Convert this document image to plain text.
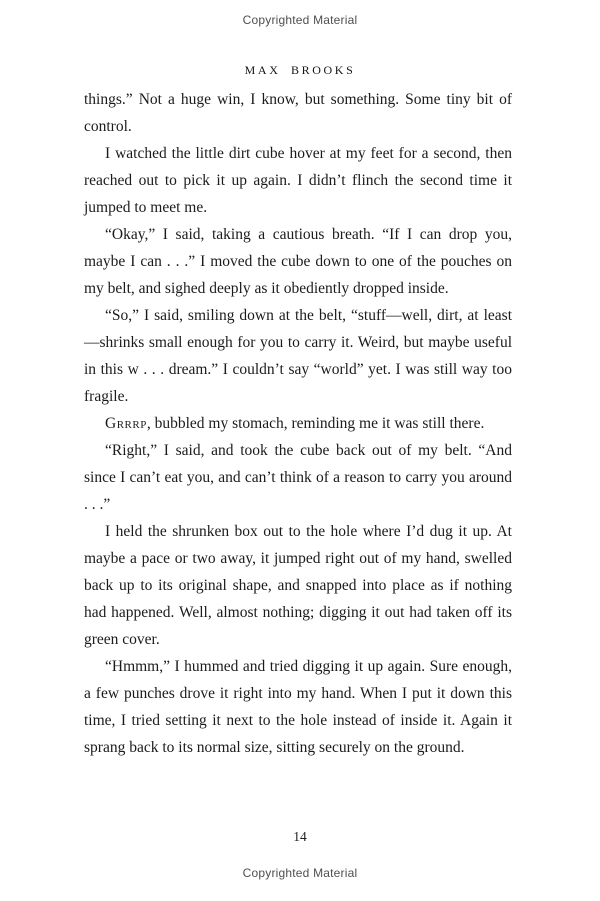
Copyrighted Material
MAX BROOKS

things.” Not a huge win, I know, but something. Some tiny bit of control.

I watched the little dirt cube hover at my feet for a second, then reached out to pick it up again. I didn’t flinch the second time it jumped to meet me.

“Okay,” I said, taking a cautious breath. “If I can drop you, maybe I can . . .” I moved the cube down to one of the pouches on my belt, and sighed deeply as it obediently dropped inside.

“So,” I said, smiling down at the belt, “stuff—well, dirt, at least—shrinks small enough for you to carry it. Weird, but maybe useful in this w . . . dream.” I couldn’t say “world” yet. I was still way too fragile.

Grrrp, bubbled my stomach, reminding me it was still there.

“Right,” I said, and took the cube back out of my belt. “And since I can’t eat you, and can’t think of a reason to carry you around . . .”

I held the shrunken box out to the hole where I’d dug it up. At maybe a pace or two away, it jumped right out of my hand, swelled back up to its original shape, and snapped into place as if nothing had happened. Well, almost nothing; digging it out had taken off its green cover.

“Hmmm,” I hummed and tried digging it up again. Sure enough, a few punches drove it right into my hand. When I put it down this time, I tried setting it next to the hole instead of inside it. Again it sprang back to its normal size, sitting securely on the ground.

14
Copyrighted Material
